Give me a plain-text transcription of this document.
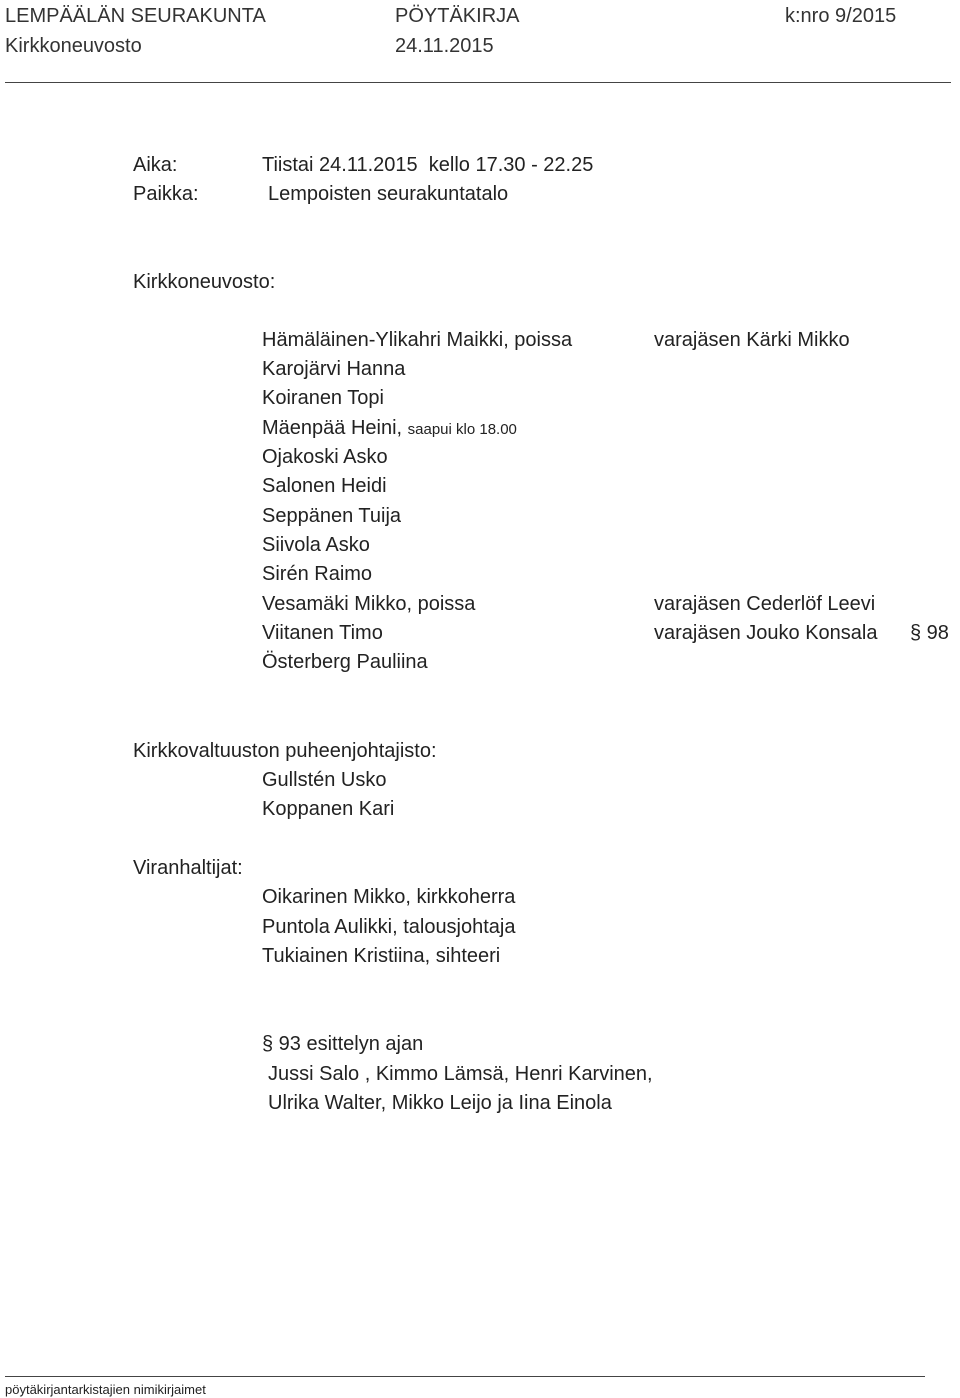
LEMPÄÄLÄN SEURAKUNTA	PÖYTÄKIRJA	k:nro 9/2015
Kirkkoneuvosto	24.11.2015
Aika:	Tiistai 24.11.2015  kello 17.30 - 22.25
Paikka:	Lempoisten seurakuntatalo
Kirkkoneuvosto:
Hämäläinen-Ylikahri Maikki, poissa	varajäsen Kärki Mikko
Karojärvi Hanna
Koiranen Topi
Mäenpää Heini, saapui klo 18.00
Ojakoski Asko
Salonen Heidi
Seppänen Tuija
Siivola Asko
Sirén Raimo
Vesamäki Mikko, poissa	varajäsen Cederlöf Leevi
Viitanen Timo	varajäsen Jouko Konsala § 98
Österberg Pauliina
Kirkkovaltuuston puheenjohtajisto:
Gullstén Usko
Koppanen Kari
Viranhaltijat:
Oikarinen Mikko, kirkkoherra
Puntola Aulikki, talousjohtaja
Tukiainen Kristiina, sihteeri
§ 93 esittelyn ajan
Jussi Salo , Kimmo Lämsä, Henri Karvinen,
Ulrika Walter, Mikko Leijo ja Iina Einola
pöytäkirjantarkistajien nimikirjaimet
